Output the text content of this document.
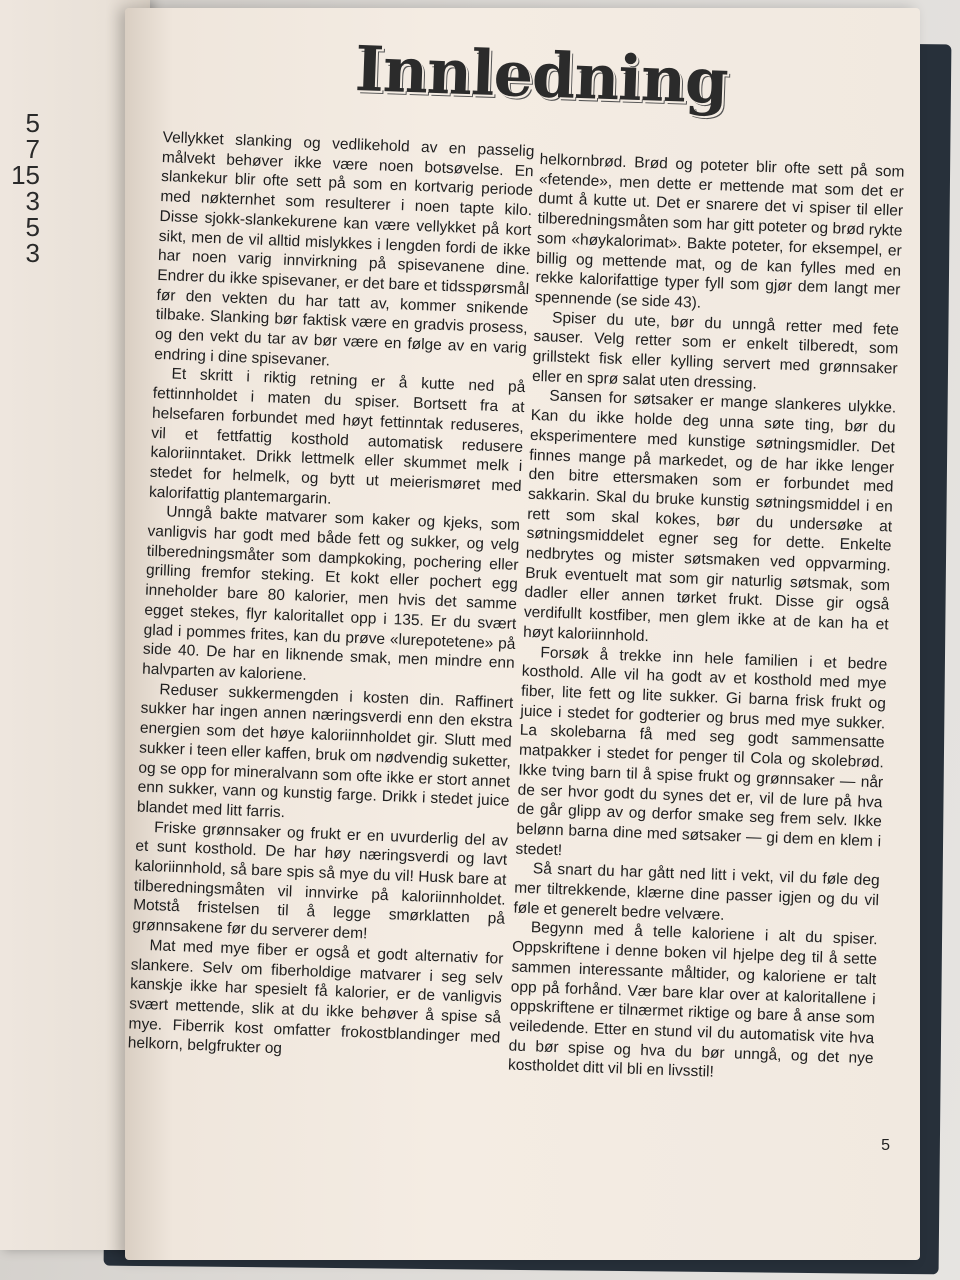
5
7
15
3
5
3
Innledning

Vellykket slanking og vedlikehold av en passelig målvekt behøver ikke være noen botsøvelse. En slankekur blir ofte sett på som en kortvarig periode med nøkternhet som resulterer i noen tapte kilo. Disse sjokk-slankekurene kan være vellykket på kort sikt, men de vil alltid mislykkes i lengden fordi de ikke har noen varig innvirkning på spisevanene dine. Endrer du ikke spisevaner, er det bare et tidsspørsmål før den vekten du har tatt av, kommer snikende tilbake. Slanking bør faktisk være en gradvis prosess, og den vekt du tar av bør være en følge av en varig endring i dine spisevaner.

Et skritt i riktig retning er å kutte ned på fettinnholdet i maten du spiser. Bortsett fra at helsefaren forbundet med høyt fettinntak reduseres, vil et fettfattig kosthold automatisk redusere kaloriinntaket. Drikk lettmelk eller skummet melk i stedet for helmelk, og bytt ut meierismøret med kalorifattig plantemargarin.

Unngå bakte matvarer som kaker og kjeks, som vanligvis har godt med både fett og sukker, og velg tilberedningsmåter som dampkoking, pochering eller grilling fremfor steking. Et kokt eller pochert egg inneholder bare 80 kalorier, men hvis det samme egget stekes, flyr kaloritallet opp i 135. Er du svært glad i pommes frites, kan du prøve «lurepotetene» på side 40. De har en liknende smak, men mindre enn halvparten av kaloriene.

Reduser sukkermengden i kosten din. Raffinert sukker har ingen annen næringsverdi enn den ekstra energien som det høye kaloriinnholdet gir. Slutt med sukker i teen eller kaffen, bruk om nødvendig suketter, og se opp for mineralvann som ofte ikke er stort annet enn sukker, vann og kunstig farge. Drikk i stedet juice blandet med litt farris.

Friske grønnsaker og frukt er en uvurderlig del av et sunt kosthold. De har høy næringsverdi og lavt kaloriinnhold, så bare spis så mye du vil! Husk bare at tilberedningsmåten vil innvirke på kaloriinnholdet. Motstå fristelsen til å legge smørklatten på grønnsakene før du serverer dem!

Mat med mye fiber er også et godt alternativ for slankere. Selv om fiberholdige matvarer i seg selv kanskje ikke har spesielt få kalorier, er de vanligvis svært mettende, slik at du ikke behøver å spise så mye. Fiberrik kost omfatter frokostblandinger med helkorn, belgfrukter og

helkornbrød. Brød og poteter blir ofte sett på som «fetende», men dette er mettende mat som det er dumt å kutte ut. Det er snarere det vi spiser til eller tilberedningsmåten som har gitt poteter og brød rykte som «høykalorimat». Bakte poteter, for eksempel, er billig og mettende mat, og de kan fylles med en rekke kalorifattige typer fyll som gjør dem langt mer spennende (se side 43).

Spiser du ute, bør du unngå retter med fete sauser. Velg retter som er enkelt tilberedt, som grillstekt fisk eller kylling servert med grønnsaker eller en sprø salat uten dressing.

Sansen for søtsaker er mange slankeres ulykke. Kan du ikke holde deg unna søte ting, bør du eksperimentere med kunstige søtningsmidler. Det finnes mange på markedet, og de har ikke lenger den bitre ettersmaken som er forbundet med sakkarin. Skal du bruke kunstig søtningsmiddel i en rett som skal kokes, bør du undersøke at søtningsmiddelet egner seg for dette. Enkelte nedbrytes og mister søtsmaken ved oppvarming. Bruk eventuelt mat som gir naturlig søtsmak, som dadler eller annen tørket frukt. Disse gir også verdifullt kostfiber, men glem ikke at de kan ha et høyt kaloriinnhold.

Forsøk å trekke inn hele familien i et bedre kosthold. Alle vil ha godt av et kosthold med mye fiber, lite fett og lite sukker. Gi barna frisk frukt og juice i stedet for godterier og brus med mye sukker. La skolebarna få med seg godt sammensatte matpakker i stedet for penger til Cola og skolebrød. Ikke tving barn til å spise frukt og grønnsaker — når de ser hvor godt du synes det er, vil de lure på hva de går glipp av og derfor smake seg frem selv. Ikke belønn barna dine med søtsaker — gi dem en klem i stedet!

Så snart du har gått ned litt i vekt, vil du føle deg mer tiltrekkende, klærne dine passer igjen og du vil føle et generelt bedre velvære.

Begynn med å telle kaloriene i alt du spiser. Oppskriftene i denne boken vil hjelpe deg til å sette sammen interessante måltider, og kaloriene er talt opp på forhånd. Vær bare klar over at kaloritallene i oppskriftene er tilnærmet riktige og bare å anse som veiledende. Etter en stund vil du automatisk vite hva du bør spise og hva du bør unngå, og det nye kostholdet ditt vil bli en livsstil!

5
